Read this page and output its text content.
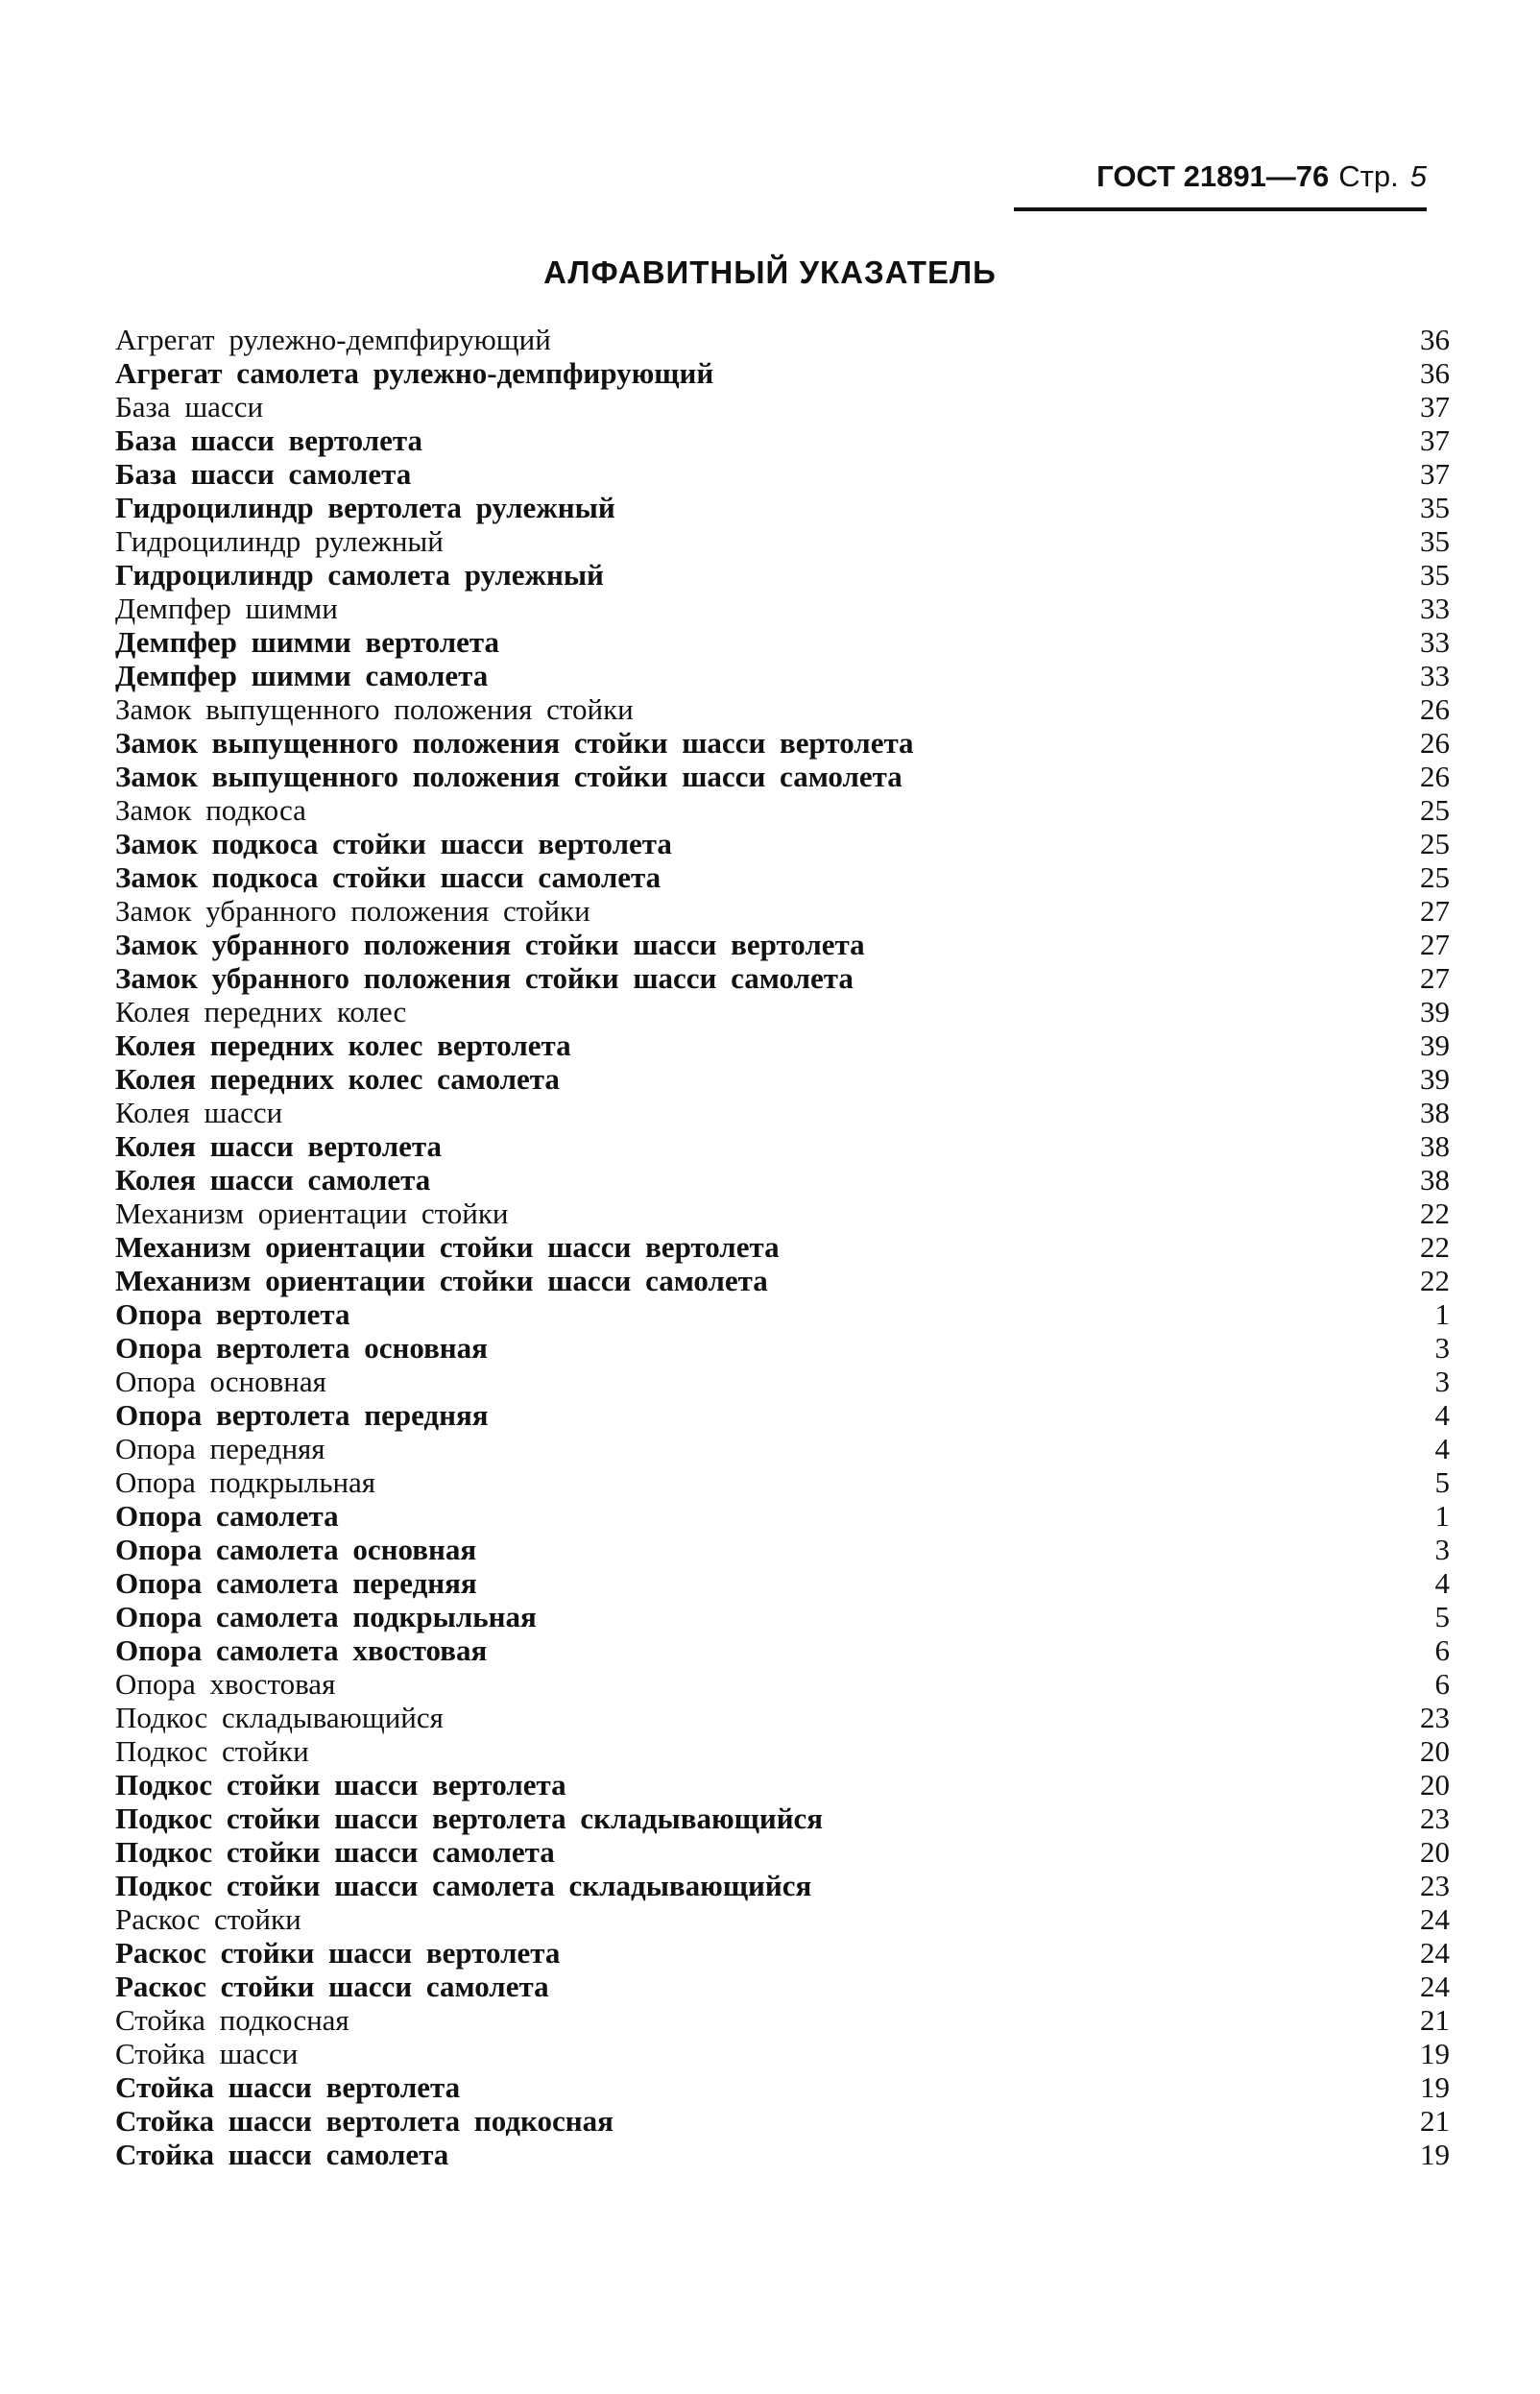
ГОСТ 21891—76 Стр. 5
АЛФАВИТНЫЙ УКАЗАТЕЛЬ
Агрегат рулежно-демпфирующий	36
Агрегат самолета рулежно-демпфирующий	36
База шасси	37
База шасси вертолета	37
База шасси самолета	37
Гидроцилиндр вертолета рулежный	35
Гидроцилиндр рулежный	35
Гидроцилиндр самолета рулежный	35
Демпфер шимми	33
Демпфер шимми вертолета	33
Демпфер шимми самолета	33
Замок выпущенного положения стойки	26
Замок выпущенного положения стойки шасси вертолета	26
Замок выпущенного положения стойки шасси самолета	26
Замок подкоса	25
Замок подкоса стойки шасси вертолета	25
Замок подкоса стойки шасси самолета	25
Замок убранного положения стойки	27
Замок убранного положения стойки шасси вертолета	27
Замок убранного положения стойки шасси самолета	27
Колея передних колес	39
Колея передних колес вертолета	39
Колея передних колес самолета	39
Колея шасси	38
Колея шасси вертолета	38
Колея шасси самолета	38
Механизм ориентации стойки	22
Механизм ориентации стойки шасси вертолета	22
Механизм ориентации стойки шасси самолета	22
Опора вертолета	1
Опора вертолета основная	3
Опора основная	3
Опора вертолета передняя	4
Опора передняя	4
Опора подкрыльная	5
Опора самолета	1
Опора самолета основная	3
Опора самолета передняя	4
Опора самолета подкрыльная	5
Опора самолета хвостовая	6
Опора хвостовая	6
Подкос складывающийся	23
Подкос стойки	20
Подкос стойки шасси вертолета	20
Подкос стойки шасси вертолета складывающийся	23
Подкос стойки шасси самолета	20
Подкос стойки шасси самолета складывающийся	23
Раскос стойки	24
Раскос стойки шасси вертолета	24
Раскос стойки шасси самолета	24
Стойка подкосная	21
Стойка шасси	19
Стойка шасси вертолета	19
Стойка шасси вертолета подкосная	21
Стойка шасси самолета	19
